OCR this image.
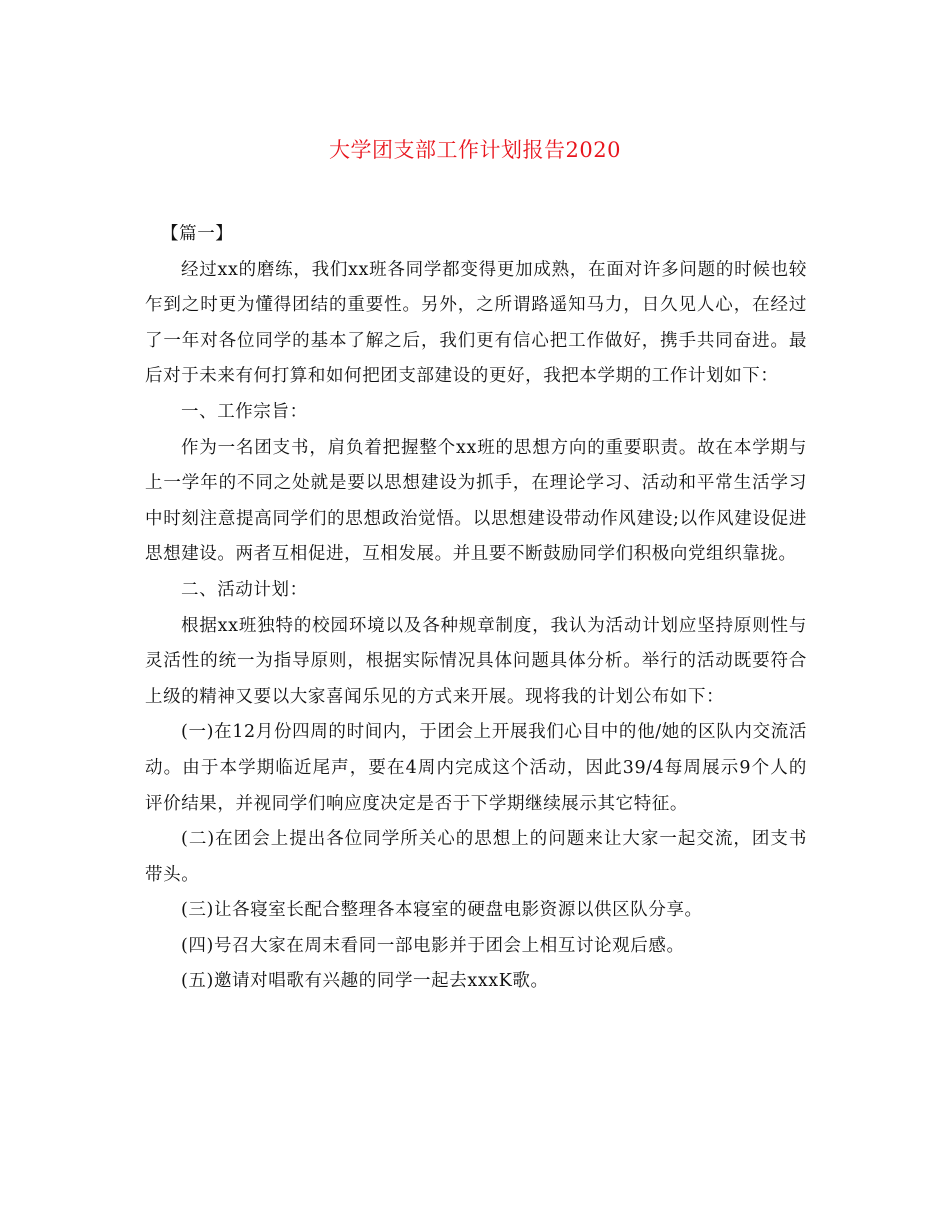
大学团支部工作计划报告2020

【篇一】

经过xx的磨练，我们xx班各同学都变得更加成熟，在面对许多问题的时候也较乍到之时更为懂得团结的重要性。另外，之所谓路遥知马力，日久见人心，在经过了一年对各位同学的基本了解之后，我们更有信心把工作做好，携手共同奋进。最后对于未来有何打算和如何把团支部建设的更好，我把本学期的工作计划如下：

一、工作宗旨：

作为一名团支书，肩负着把握整个xx班的思想方向的重要职责。故在本学期与上一学年的不同之处就是要以思想建设为抓手，在理论学习、活动和平常生活学习中时刻注意提高同学们的思想政治觉悟。以思想建设带动作风建设;以作风建设促进思想建设。两者互相促进，互相发展。并且要不断鼓励同学们积极向党组织靠拢。

二、活动计划：

根据xx班独特的校园环境以及各种规章制度，我认为活动计划应坚持原则性与灵活性的统一为指导原则，根据实际情况具体问题具体分析。举行的活动既要符合上级的精神又要以大家喜闻乐见的方式来开展。现将我的计划公布如下：

(一)在12月份四周的时间内，于团会上开展我们心目中的他/她的区队内交流活动。由于本学期临近尾声，要在4周内完成这个活动，因此39/4每周展示9个人的评价结果，并视同学们响应度决定是否于下学期继续展示其它特征。

(二)在团会上提出各位同学所关心的思想上的问题来让大家一起交流，团支书带头。

(三)让各寝室长配合整理各本寝室的硬盘电影资源以供区队分享。

(四)号召大家在周末看同一部电影并于团会上相互讨论观后感。

(五)邀请对唱歌有兴趣的同学一起去xxxK歌。
